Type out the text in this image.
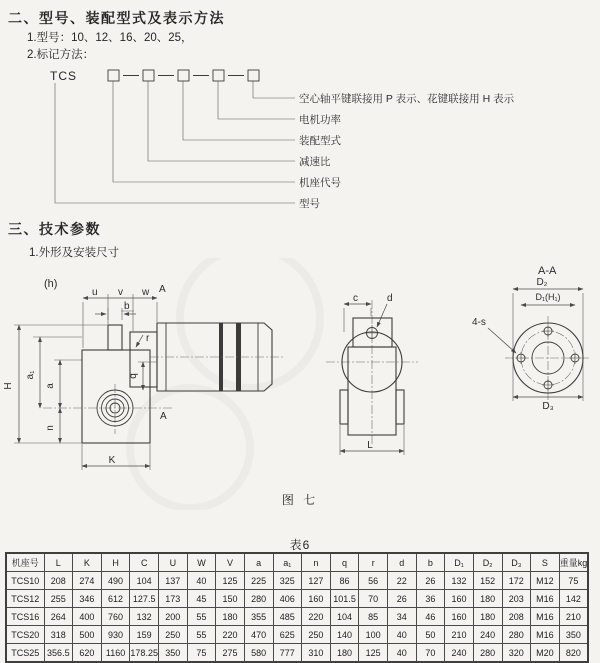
二、型号、装配型式及表示方法
1.型号：10、12、16、20、25，
2.标记方法：
TCS
空心轴平键联接用 P 表示、花键联接用 H 表示
电机功率
装配型式
减速比
机座代号
型号
三、技术参数
1.外形及安装尺寸
(h)
u v w A
b
H
a₁
a
n
q
r
K
A
c	d
L
A-A
D₂
D₁(H₁)
4-s
D₃
图 七
表6
机座号	L	K	H	C	U	W	V	a	a₁	n	q	r	d	b	D₁	D₂	D₃	S	重量kg
TCS10	208	274	490	104	137	40	125	225	325	127	86	56	22	26	132	152	172	M12	75
TCS12	255	346	612	127.5	173	45	150	280	406	160	101.5	70	26	36	160	180	203	M16	142
TCS16	264	400	760	132	200	55	180	355	485	220	104	85	34	46	160	180	208	M16	210
TCS20	318	500	930	159	250	55	220	470	625	250	140	100	40	50	210	240	280	M16	350
TCS25	356.5	620	1160	178.25	350	75	275	580	777	310	180	125	40	70	240	280	320	M20	820
